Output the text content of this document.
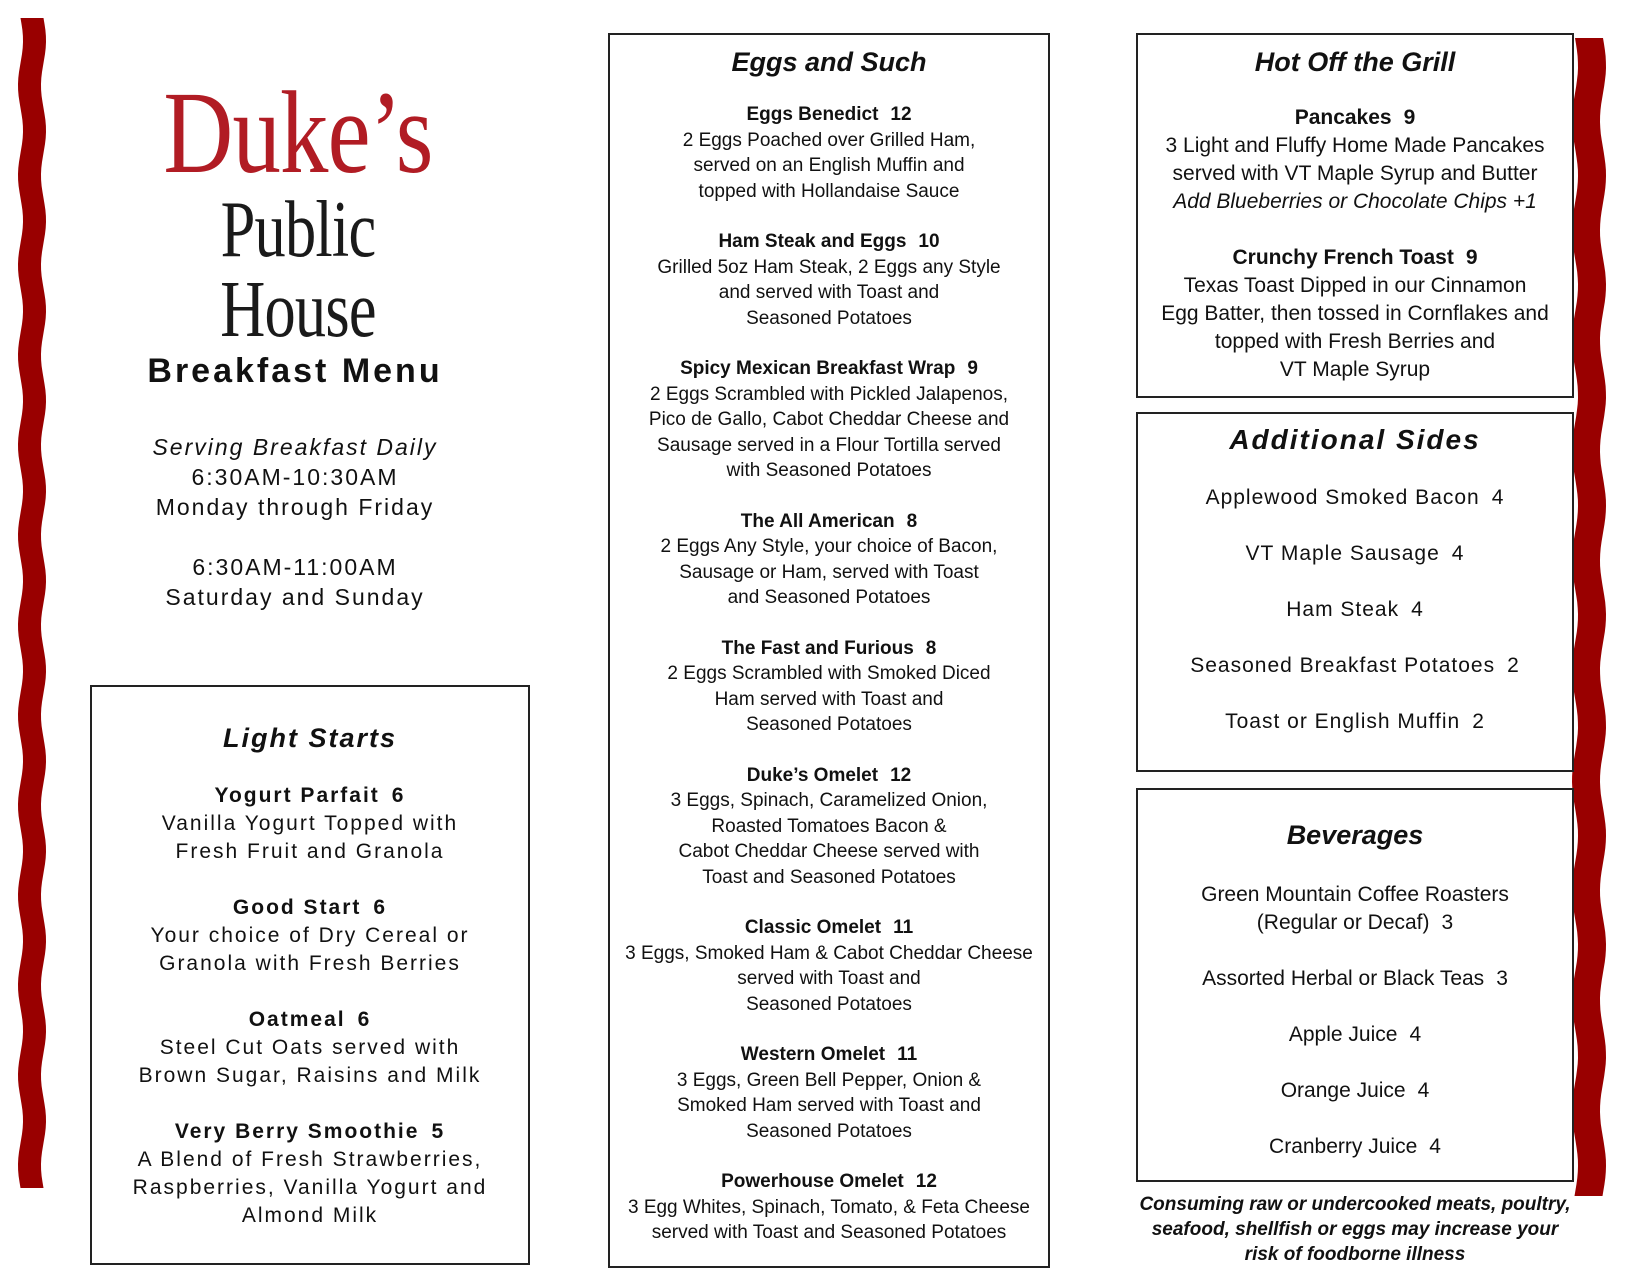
Duke’s
Public House
Breakfast Menu
Serving Breakfast Daily
6:30AM-10:30AM
Monday through Friday
6:30AM-11:00AM
Saturday and Sunday
Light Starts
Yogurt Parfait 6
Vanilla Yogurt Topped with
Fresh Fruit and Granola
Good Start 6
Your choice of Dry Cereal or
Granola with Fresh Berries
Oatmeal 6
Steel Cut Oats served with
Brown Sugar, Raisins and Milk
Very Berry Smoothie 5
A Blend of Fresh Strawberries,
Raspberries, Vanilla Yogurt and
Almond Milk
Eggs and Such
Eggs Benedict 12
2 Eggs Poached over Grilled Ham,
served on an English Muffin and
topped with Hollandaise Sauce
Ham Steak and Eggs 10
Grilled 5oz Ham Steak, 2 Eggs any Style
and served with Toast and
Seasoned Potatoes
Spicy Mexican Breakfast Wrap 9
2 Eggs Scrambled with Pickled Jalapenos,
Pico de Gallo, Cabot Cheddar Cheese and
Sausage served in a Flour Tortilla served
with Seasoned Potatoes
The All American 8
2 Eggs Any Style, your choice of Bacon,
Sausage or Ham, served with Toast
and Seasoned Potatoes
The Fast and Furious 8
2 Eggs Scrambled with Smoked Diced
Ham served with Toast and
Seasoned Potatoes
Duke’s Omelet 12
3 Eggs, Spinach, Caramelized Onion,
Roasted Tomatoes Bacon &
Cabot Cheddar Cheese served with
Toast and Seasoned Potatoes
Classic Omelet 11
3 Eggs, Smoked Ham & Cabot Cheddar Cheese
served with Toast and
Seasoned Potatoes
Western Omelet 11
3 Eggs, Green Bell Pepper, Onion &
Smoked Ham served with Toast and
Seasoned Potatoes
Powerhouse Omelet 12
3 Egg Whites, Spinach, Tomato, & Feta Cheese
served with Toast and Seasoned Potatoes
Hot Off the Grill
Pancakes 9
3 Light and Fluffy Home Made Pancakes
served with VT Maple Syrup and Butter
Add Blueberries or Chocolate Chips +1
Crunchy French Toast 9
Texas Toast Dipped in our Cinnamon
Egg Batter, then tossed in Cornflakes and
topped with Fresh Berries and
VT Maple Syrup
Additional Sides
Applewood Smoked Bacon 4
VT Maple Sausage 4
Ham Steak 4
Seasoned Breakfast Potatoes 2
Toast or English Muffin 2
Beverages
Green Mountain Coffee Roasters
(Regular or Decaf) 3
Assorted Herbal or Black Teas 3
Apple Juice 4
Orange Juice 4
Cranberry Juice 4
Consuming raw or undercooked meats, poultry,
seafood, shellfish or eggs may increase your
risk of foodborne illness
